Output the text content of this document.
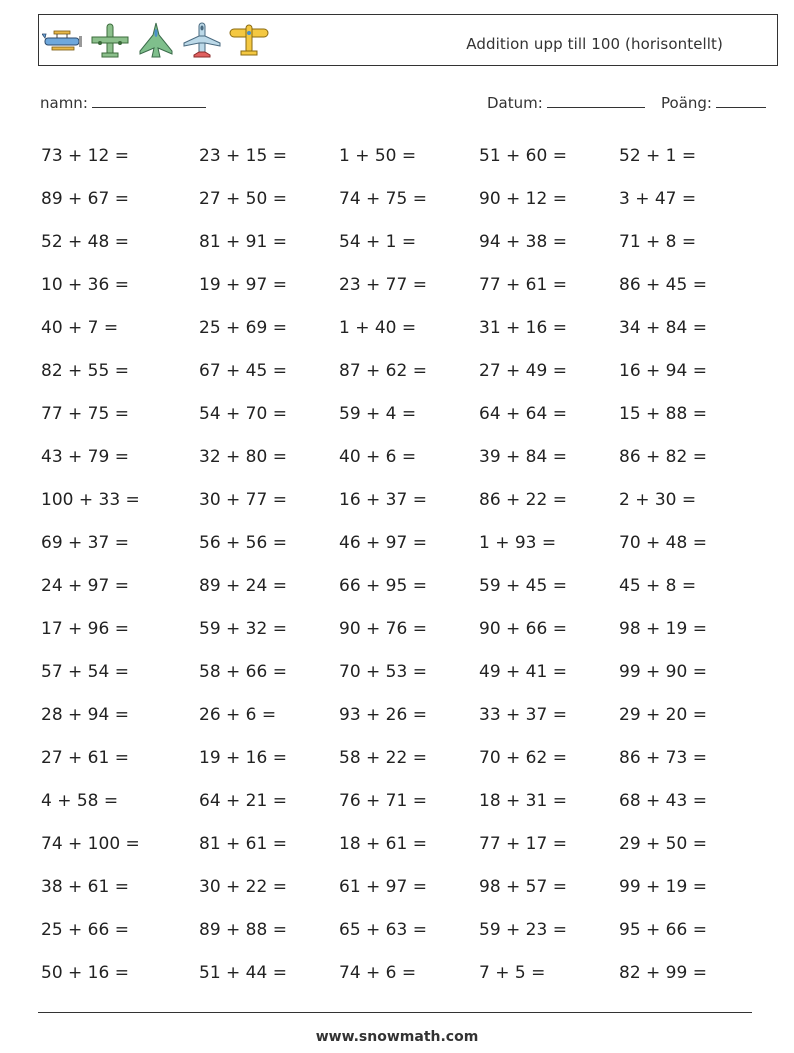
Addition upp till 100 (horisontellt)
namn:	Datum:	Poäng:
73 + 12 =	23 + 15 =	1 + 50 =	51 + 60 =	52 + 1 =
89 + 67 =	27 + 50 =	74 + 75 =	90 + 12 =	3 + 47 =
52 + 48 =	81 + 91 =	54 + 1 =	94 + 38 =	71 + 8 =
10 + 36 =	19 + 97 =	23 + 77 =	77 + 61 =	86 + 45 =
40 + 7 =	25 + 69 =	1 + 40 =	31 + 16 =	34 + 84 =
82 + 55 =	67 + 45 =	87 + 62 =	27 + 49 =	16 + 94 =
77 + 75 =	54 + 70 =	59 + 4 =	64 + 64 =	15 + 88 =
43 + 79 =	32 + 80 =	40 + 6 =	39 + 84 =	86 + 82 =
100 + 33 =	30 + 77 =	16 + 37 =	86 + 22 =	2 + 30 =
69 + 37 =	56 + 56 =	46 + 97 =	1 + 93 =	70 + 48 =
24 + 97 =	89 + 24 =	66 + 95 =	59 + 45 =	45 + 8 =
17 + 96 =	59 + 32 =	90 + 76 =	90 + 66 =	98 + 19 =
57 + 54 =	58 + 66 =	70 + 53 =	49 + 41 =	99 + 90 =
28 + 94 =	26 + 6 =	93 + 26 =	33 + 37 =	29 + 20 =
27 + 61 =	19 + 16 =	58 + 22 =	70 + 62 =	86 + 73 =
4 + 58 =	64 + 21 =	76 + 71 =	18 + 31 =	68 + 43 =
74 + 100 =	81 + 61 =	18 + 61 =	77 + 17 =	29 + 50 =
38 + 61 =	30 + 22 =	61 + 97 =	98 + 57 =	99 + 19 =
25 + 66 =	89 + 88 =	65 + 63 =	59 + 23 =	95 + 66 =
50 + 16 =	51 + 44 =	74 + 6 =	7 + 5 =	82 + 99 =
www.snowmath.com
